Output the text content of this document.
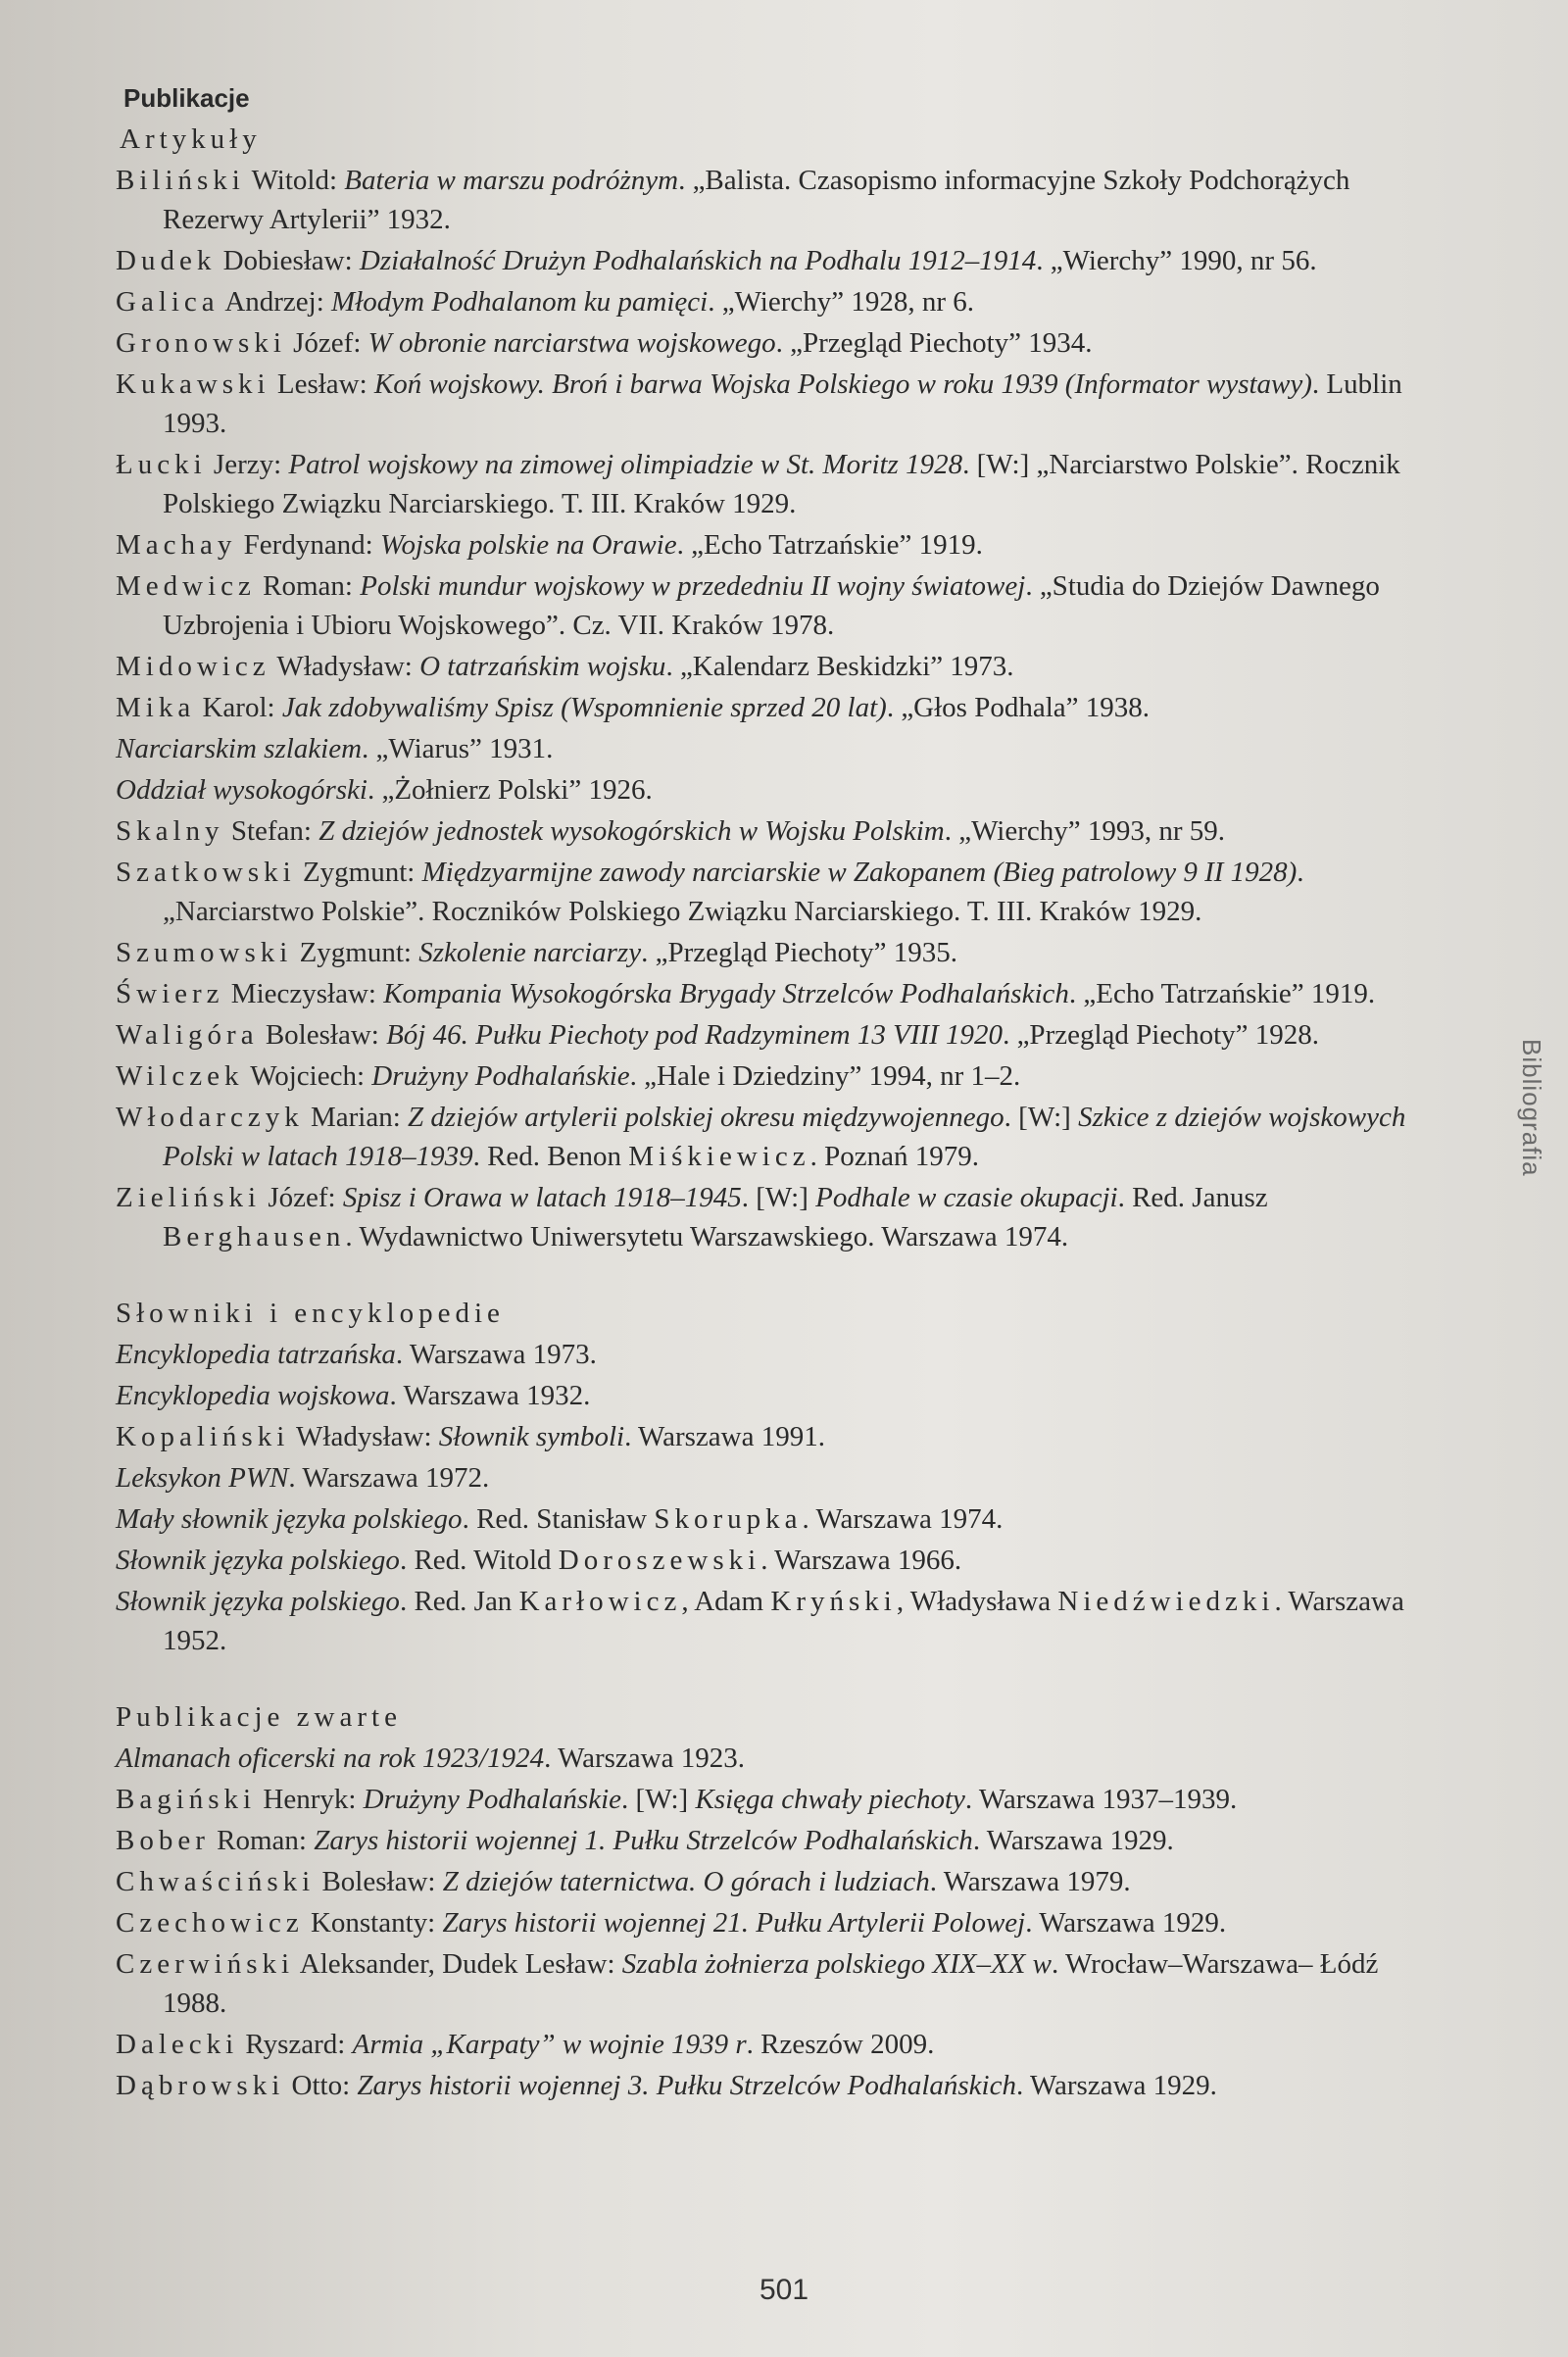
Publikacje
Artykuły
Biliński Witold: Bateria w marszu podróżnym. „Balista. Czasopismo informacyjne Szkoły Podchorążych Rezerwy Artylerii” 1932.
Dudek Dobiesław: Działalność Drużyn Podhalańskich na Podhalu 1912–1914. „Wierchy” 1990, nr 56.
Galica Andrzej: Młodym Podhalanom ku pamięci. „Wierchy” 1928, nr 6.
Gronowski Józef: W obronie narciarstwa wojskowego. „Przegląd Piechoty” 1934.
Kukawski Lesław: Koń wojskowy. Broń i barwa Wojska Polskiego w roku 1939 (Informator wystawy). Lublin 1993.
Łucki Jerzy: Patrol wojskowy na zimowej olimpiadzie w St. Moritz 1928. [W:] „Narciarstwo Polskie”. Rocznik Polskiego Związku Narciarskiego. T. III. Kraków 1929.
Machay Ferdynand: Wojska polskie na Orawie. „Echo Tatrzańskie” 1919.
Medwicz Roman: Polski mundur wojskowy w przededniu II wojny światowej. „Studia do Dziejów Dawnego Uzbrojenia i Ubioru Wojskowego”. Cz. VII. Kraków 1978.
Midowicz Władysław: O tatrzańskim wojsku. „Kalendarz Beskidzki” 1973.
Mika Karol: Jak zdobywaliśmy Spisz (Wspomnienie sprzed 20 lat). „Głos Podhala” 1938.
Narciarskim szlakiem. „Wiarus” 1931.
Oddział wysokogórski. „Żołnierz Polski” 1926.
Skalny Stefan: Z dziejów jednostek wysokogórskich w Wojsku Polskim. „Wierchy” 1993, nr 59.
Szatkowski Zygmunt: Międzyarmijne zawody narciarskie w Zakopanem (Bieg patrolowy 9 II 1928). „Narciarstwo Polskie”. Roczników Polskiego Związku Narciarskiego. T. III. Kraków 1929.
Szumowski Zygmunt: Szkolenie narciarzy. „Przegląd Piechoty” 1935.
Świerz Mieczysław: Kompania Wysokogórska Brygady Strzelców Podhalańskich. „Echo Tatrzańskie” 1919.
Waligóra Bolesław: Bój 46. Pułku Piechoty pod Radzyminem 13 VIII 1920. „Przegląd Piechoty” 1928.
Wilczek Wojciech: Drużyny Podhalańskie. „Hale i Dziedziny” 1994, nr 1–2.
Włodarczyk Marian: Z dziejów artylerii polskiej okresu międzywojennego. [W:] Szkice z dziejów wojskowych Polski w latach 1918–1939. Red. Benon Miśkiewicz. Poznań 1979.
Zieliński Józef: Spisz i Orawa w latach 1918–1945. [W:] Podhale w czasie okupacji. Red. Janusz Berghausen. Wydawnictwo Uniwersytetu Warszawskiego. Warszawa 1974.
Słowniki i encyklopedie
Encyklopedia tatrzańska. Warszawa 1973.
Encyklopedia wojskowa. Warszawa 1932.
Kopaliński Władysław: Słownik symboli. Warszawa 1991.
Leksykon PWN. Warszawa 1972.
Mały słownik języka polskiego. Red. Stanisław Skorupka. Warszawa 1974.
Słownik języka polskiego. Red. Witold Doroszewski. Warszawa 1966.
Słownik języka polskiego. Red. Jan Karłowicz, Adam Kryński, Władysława Niedźwiedzki. Warszawa 1952.
Publikacje zwarte
Almanach oficerski na rok 1923/1924. Warszawa 1923.
Bagiński Henryk: Drużyny Podhalańskie. [W:] Księga chwały piechoty. Warszawa 1937–1939.
Bober Roman: Zarys historii wojennej 1. Pułku Strzelców Podhalańskich. Warszawa 1929.
Chwaściński Bolesław: Z dziejów taternictwa. O górach i ludziach. Warszawa 1979.
Czechowicz Konstanty: Zarys historii wojennej 21. Pułku Artylerii Polowej. Warszawa 1929.
Czerwiński Aleksander, Dudek Lesław: Szabla żołnierza polskiego XIX–XX w. Wrocław–Warszawa– Łódź 1988.
Dalecki Ryszard: Armia „Karpaty” w wojnie 1939 r. Rzeszów 2009.
Dąbrowski Otto: Zarys historii wojennej 3. Pułku Strzelców Podhalańskich. Warszawa 1929.
Bibliografia
501
